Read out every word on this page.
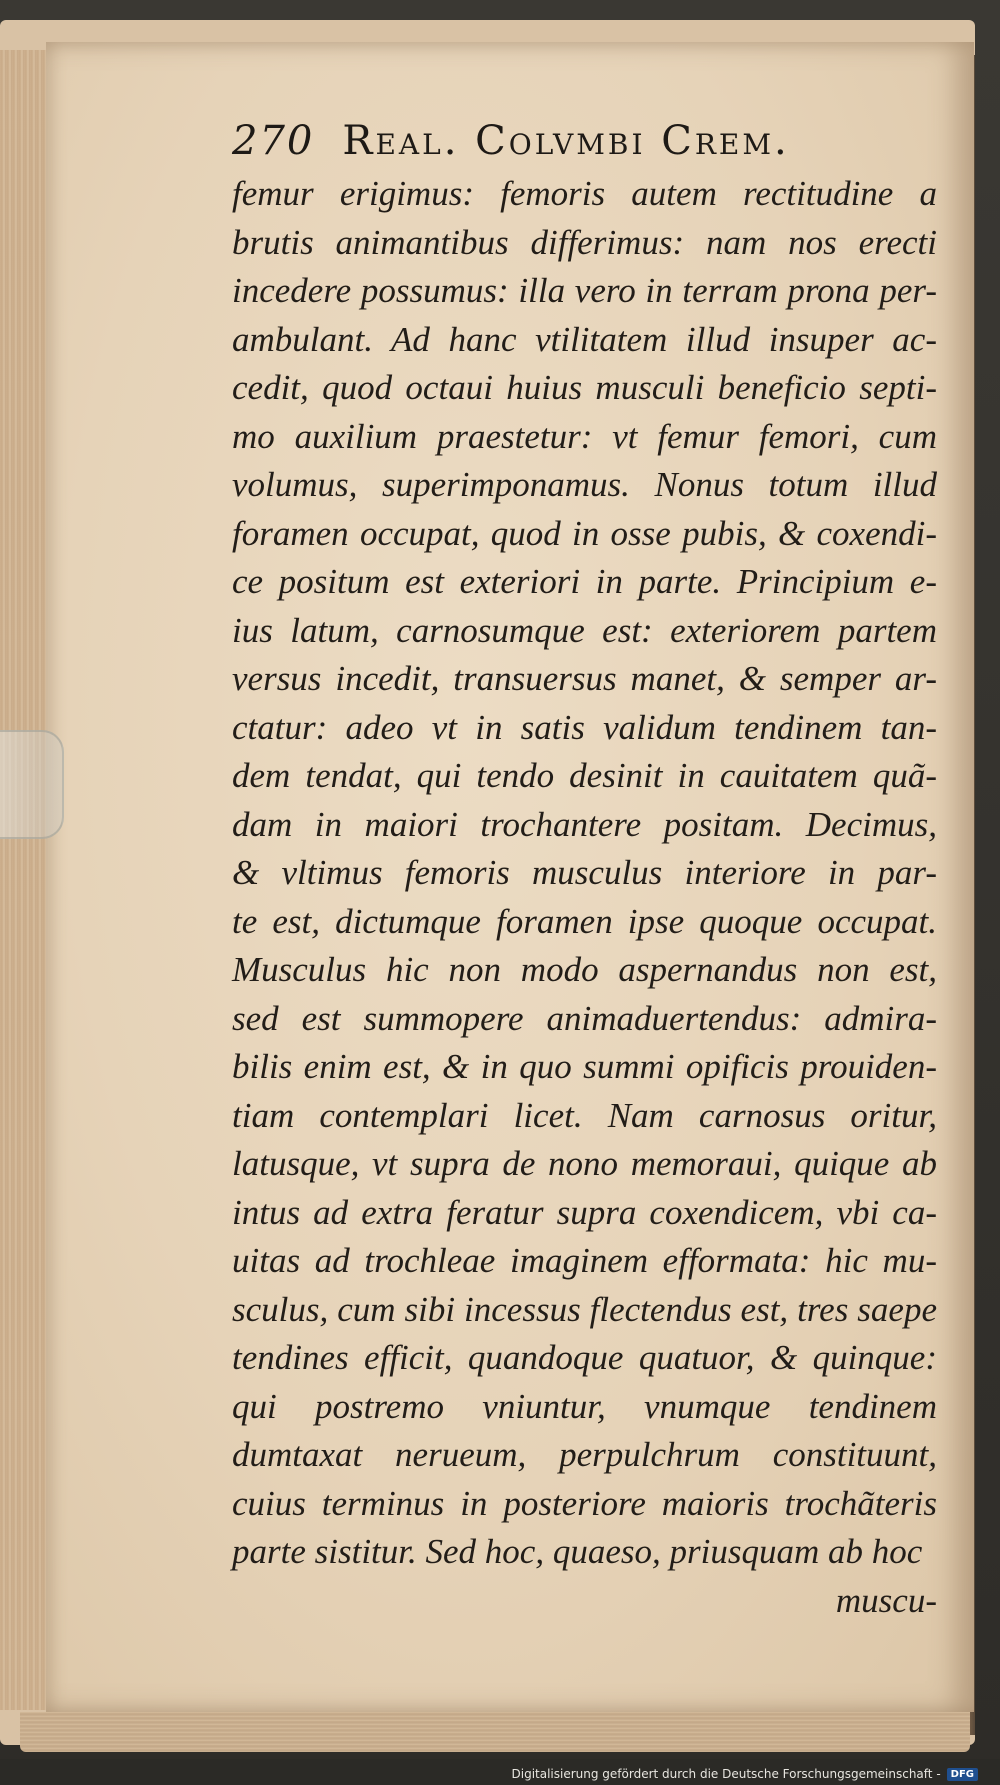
270 Real. Colvmbi Crem.
femur erigimus: femoris autem rectitudine a
brutis animantibus differimus: nam nos erecti
incedere possumus: illa vero in terram prona per-
ambulant. Ad hanc vtilitatem illud insuper ac-
cedit, quod octaui huius musculi beneficio septi-
mo auxilium praestetur: vt femur femori, cum
volumus, superimponamus. Nonus totum illud
foramen occupat, quod in osse pubis, & coxendi-
ce positum est exteriori in parte. Principium e-
ius latum, carnosumque est: exteriorem partem
versus incedit, transuersus manet, & semper ar-
ctatur: adeo vt in satis validum tendinem tan-
dem tendat, qui tendo desinit in cauitatem quã-
dam in maiori trochantere positam. Decimus,
& vltimus femoris musculus interiore in par-
te est, dictumque foramen ipse quoque occupat.
Musculus hic non modo aspernandus non est,
sed est summopere animaduertendus: admira-
bilis enim est, & in quo summi opificis prouiden-
tiam contemplari licet. Nam carnosus oritur,
latusque, vt supra de nono memoraui, quique ab
intus ad extra feratur supra coxendicem, vbi ca-
uitas ad trochleae imaginem efformata: hic mu-
sculus, cum sibi incessus flectendus est, tres saepe
tendines efficit, quandoque quatuor, & quinque:
qui postremo vniuntur, vnumque tendinem
dumtaxat nerueum, perpulchrum constituunt,
cuius terminus in posteriore maioris trochãteris
parte sistitur. Sed hoc, quaeso, priusquam ab hoc
muscu-
Digitalisierung gefördert durch die Deutsche Forschungsgemeinschaft -	DFG
